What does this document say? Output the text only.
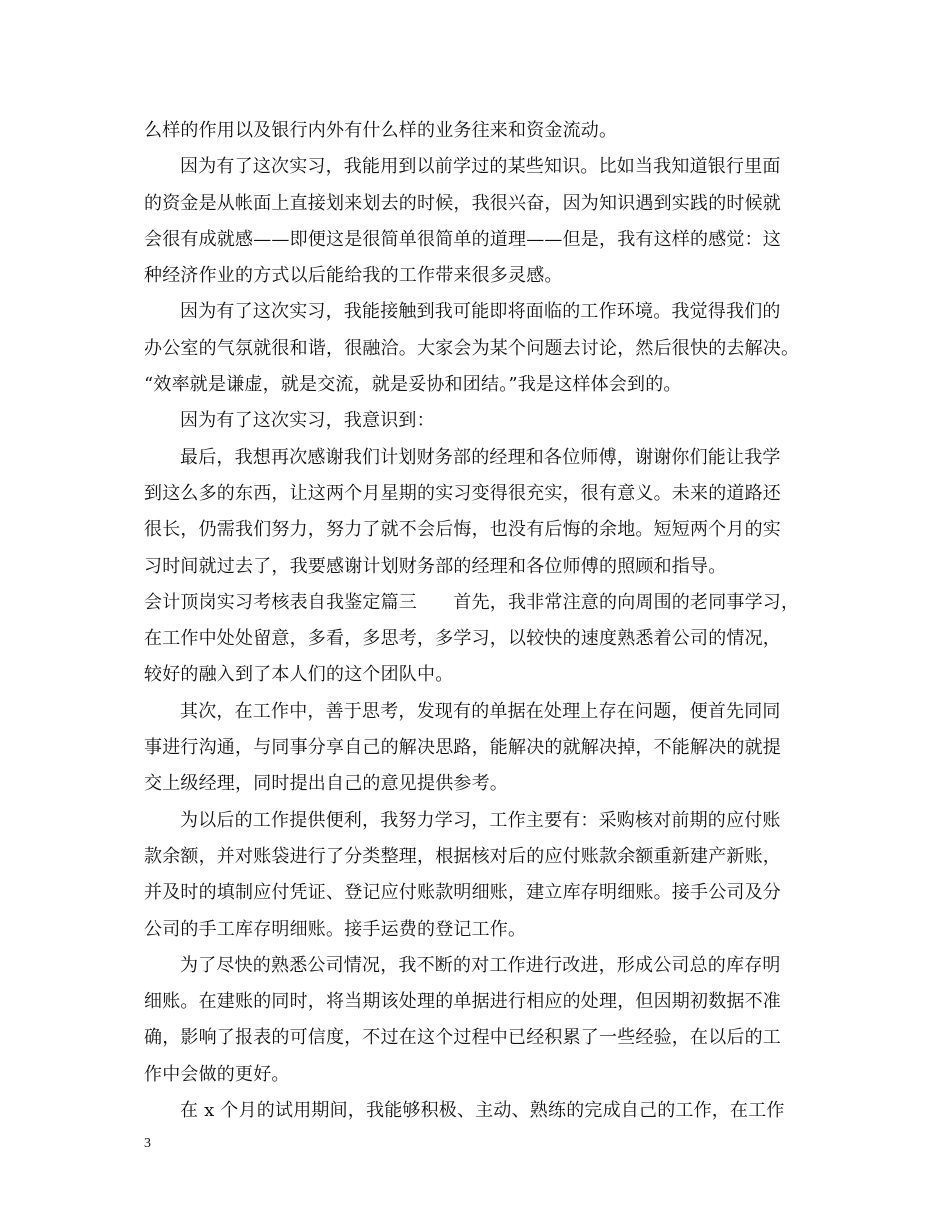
么样的作用以及银行内外有什么样的业务往来和资金流动。
因为有了这次实习，我能用到以前学过的某些知识。比如当我知道银行里面
的资金是从帐面上直接划来划去的时候，我很兴奋，因为知识遇到实践的时候就
会很有成就感——即便这是很简单很简单的道理——但是，我有这样的感觉：这
种经济作业的方式以后能给我的工作带来很多灵感。
因为有了这次实习，我能接触到我可能即将面临的工作环境。我觉得我们的
办公室的气氛就很和谐，很融洽。大家会为某个问题去讨论，然后很快的去解决。
“效率就是谦虚，就是交流，就是妥协和团结。”我是这样体会到的。
因为有了这次实习，我意识到：
最后，我想再次感谢我们计划财务部的经理和各位师傅，谢谢你们能让我学
到这么多的东西，让这两个月星期的实习变得很充实，很有意义。未来的道路还
很长，仍需我们努力，努力了就不会后悔，也没有后悔的余地。短短两个月的实
习时间就过去了，我要感谢计划财务部的经理和各位师傅的照顾和指导。
会计顶岗实习考核表自我鉴定篇三　　首先，我非常注意的向周围的老同事学习，
在工作中处处留意，多看，多思考，多学习，以较快的速度熟悉着公司的情况，
较好的融入到了本人们的这个团队中。
其次，在工作中，善于思考，发现有的单据在处理上存在问题，便首先同同
事进行沟通，与同事分享自己的解决思路，能解决的就解决掉，不能解决的就提
交上级经理，同时提出自己的意见提供参考。
为以后的工作提供便利，我努力学习，工作主要有：采购核对前期的应付账
款余额，并对账袋进行了分类整理，根据核对后的应付账款余额重新建产新账，
并及时的填制应付凭证、登记应付账款明细账，建立库存明细账。接手公司及分
公司的手工库存明细账。接手运费的登记工作。
为了尽快的熟悉公司情况，我不断的对工作进行改进，形成公司总的库存明
细账。在建账的同时，将当期该处理的单据进行相应的处理，但因期初数据不准
确，影响了报表的可信度，不过在这个过程中已经积累了一些经验，在以后的工
作中会做的更好。
在 x 个月的试用期间，我能够积极、主动、熟练的完成自己的工作，在工作
3
